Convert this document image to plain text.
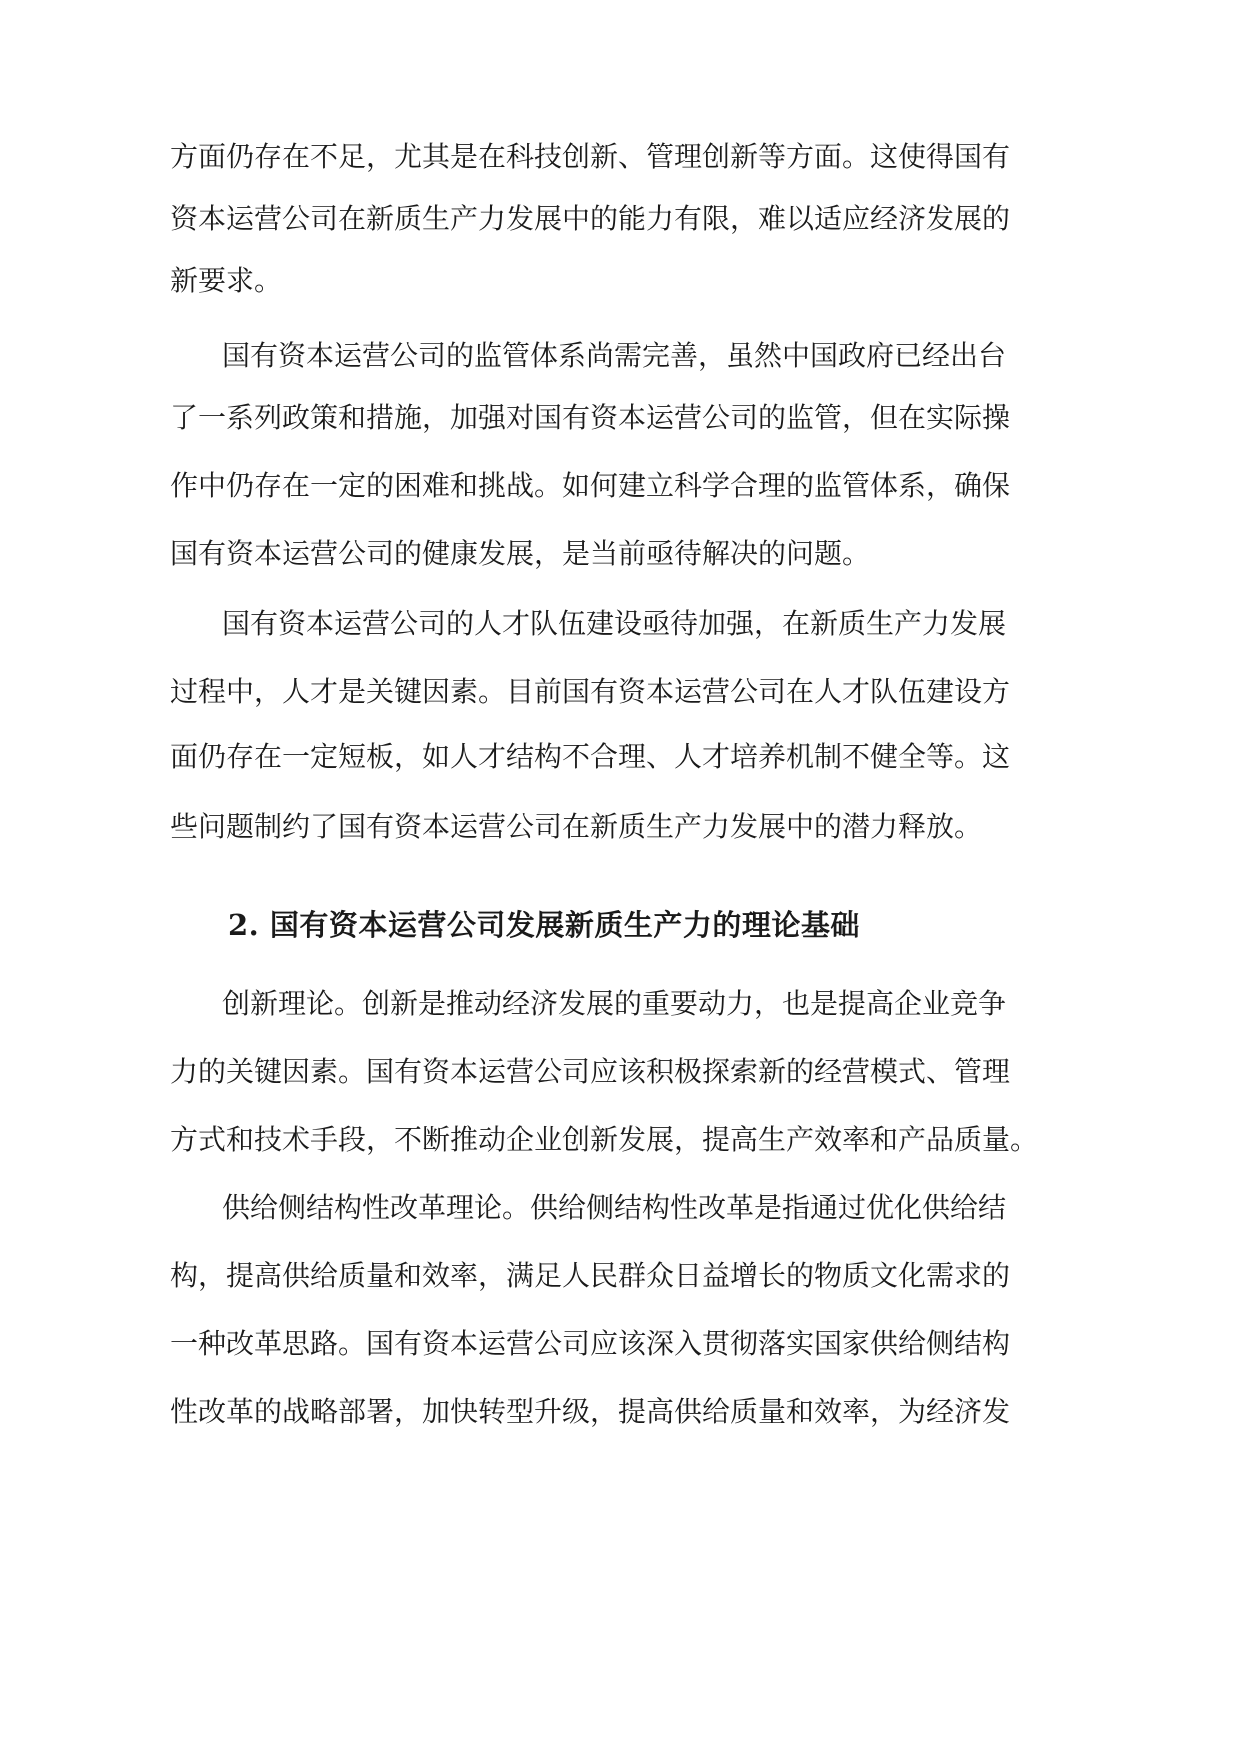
方面仍存在不足，尤其是在科技创新、管理创新等方面。这使得国有
资本运营公司在新质生产力发展中的能力有限，难以适应经济发展的
新要求。
国有资本运营公司的监管体系尚需完善，虽然中国政府已经出台
了一系列政策和措施，加强对国有资本运营公司的监管，但在实际操
作中仍存在一定的困难和挑战。如何建立科学合理的监管体系，确保
国有资本运营公司的健康发展，是当前亟待解决的问题。
国有资本运营公司的人才队伍建设亟待加强，在新质生产力发展
过程中，人才是关键因素。目前国有资本运营公司在人才队伍建设方
面仍存在一定短板，如人才结构不合理、人才培养机制不健全等。这
些问题制约了国有资本运营公司在新质生产力发展中的潜力释放。
2. 国有资本运营公司发展新质生产力的理论基础
创新理论。创新是推动经济发展的重要动力，也是提高企业竞争
力的关键因素。国有资本运营公司应该积极探索新的经营模式、管理
方式和技术手段，不断推动企业创新发展，提高生产效率和产品质量。
供给侧结构性改革理论。供给侧结构性改革是指通过优化供给结
构，提高供给质量和效率，满足人民群众日益增长的物质文化需求的
一种改革思路。国有资本运营公司应该深入贯彻落实国家供给侧结构
性改革的战略部署，加快转型升级，提高供给质量和效率，为经济发
